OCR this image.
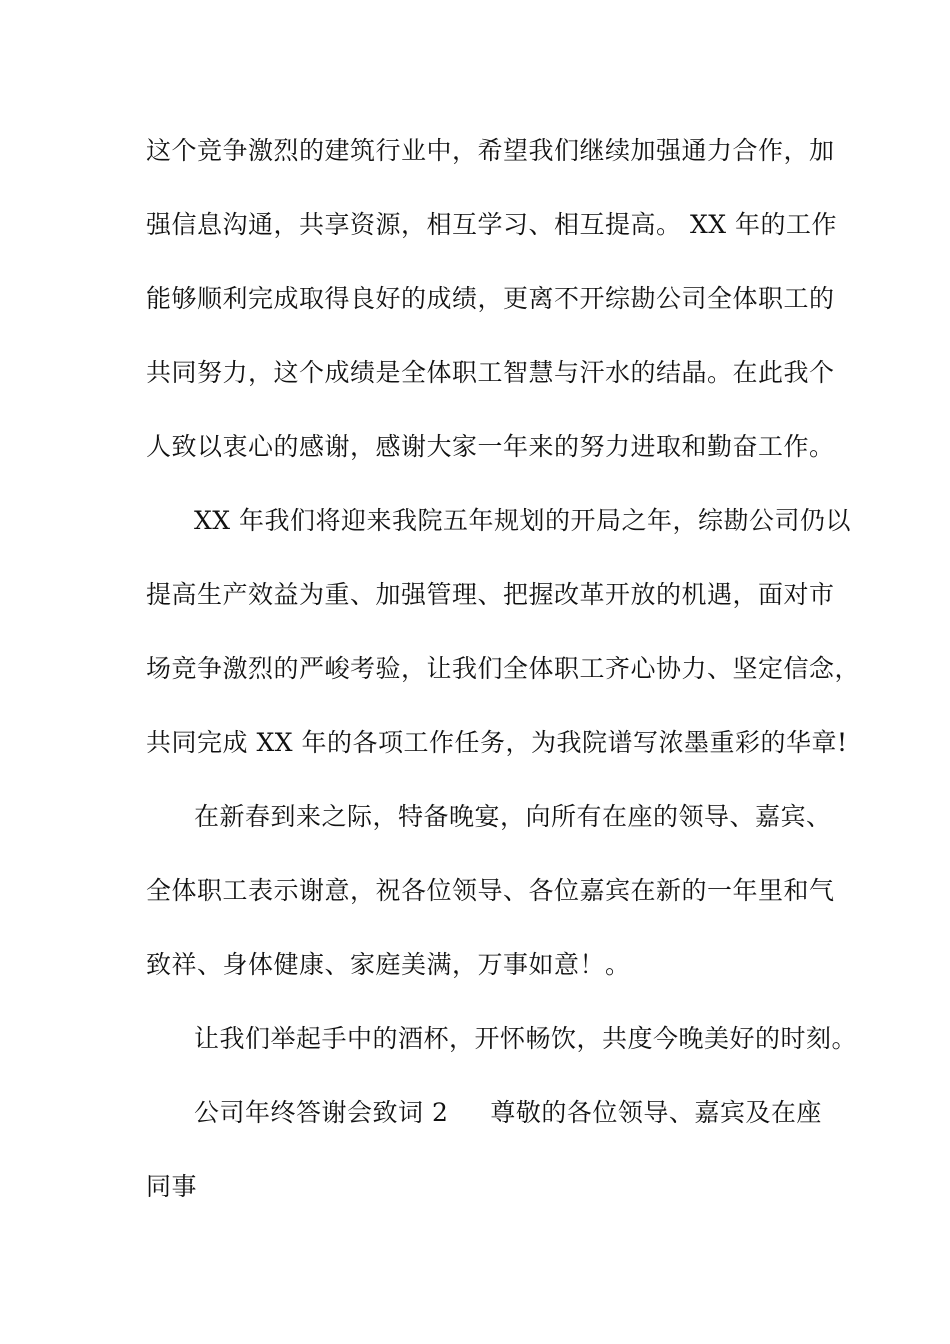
这个竞争激烈的建筑行业中，希望我们继续加强通力合作，加
强信息沟通，共享资源，相互学习、相互提高。 XX 年的工作
能够顺利完成取得良好的成绩，更离不开综勘公司全体职工的
共同努力，这个成绩是全体职工智慧与汗水的结晶。在此我个
人致以衷心的感谢，感谢大家一年来的努力进取和勤奋工作。
XX 年我们将迎来我院五年规划的开局之年，综勘公司仍以
提高生产效益为重、加强管理、把握改革开放的机遇，面对市
场竞争激烈的严峻考验，让我们全体职工齐心协力、坚定信念，
共同完成 XX 年的各项工作任务，为我院谱写浓墨重彩的华章!
在新春到来之际，特备晚宴，向所有在座的领导、嘉宾、
全体职工表示谢意，祝各位领导、各位嘉宾在新的一年里和气
致祥、身体健康、家庭美满，万事如意！。
让我们举起手中的酒杯，开怀畅饮，共度今晚美好的时刻。
公司年终答谢会致词 2 尊敬的各位领导、嘉宾及在座
同事
